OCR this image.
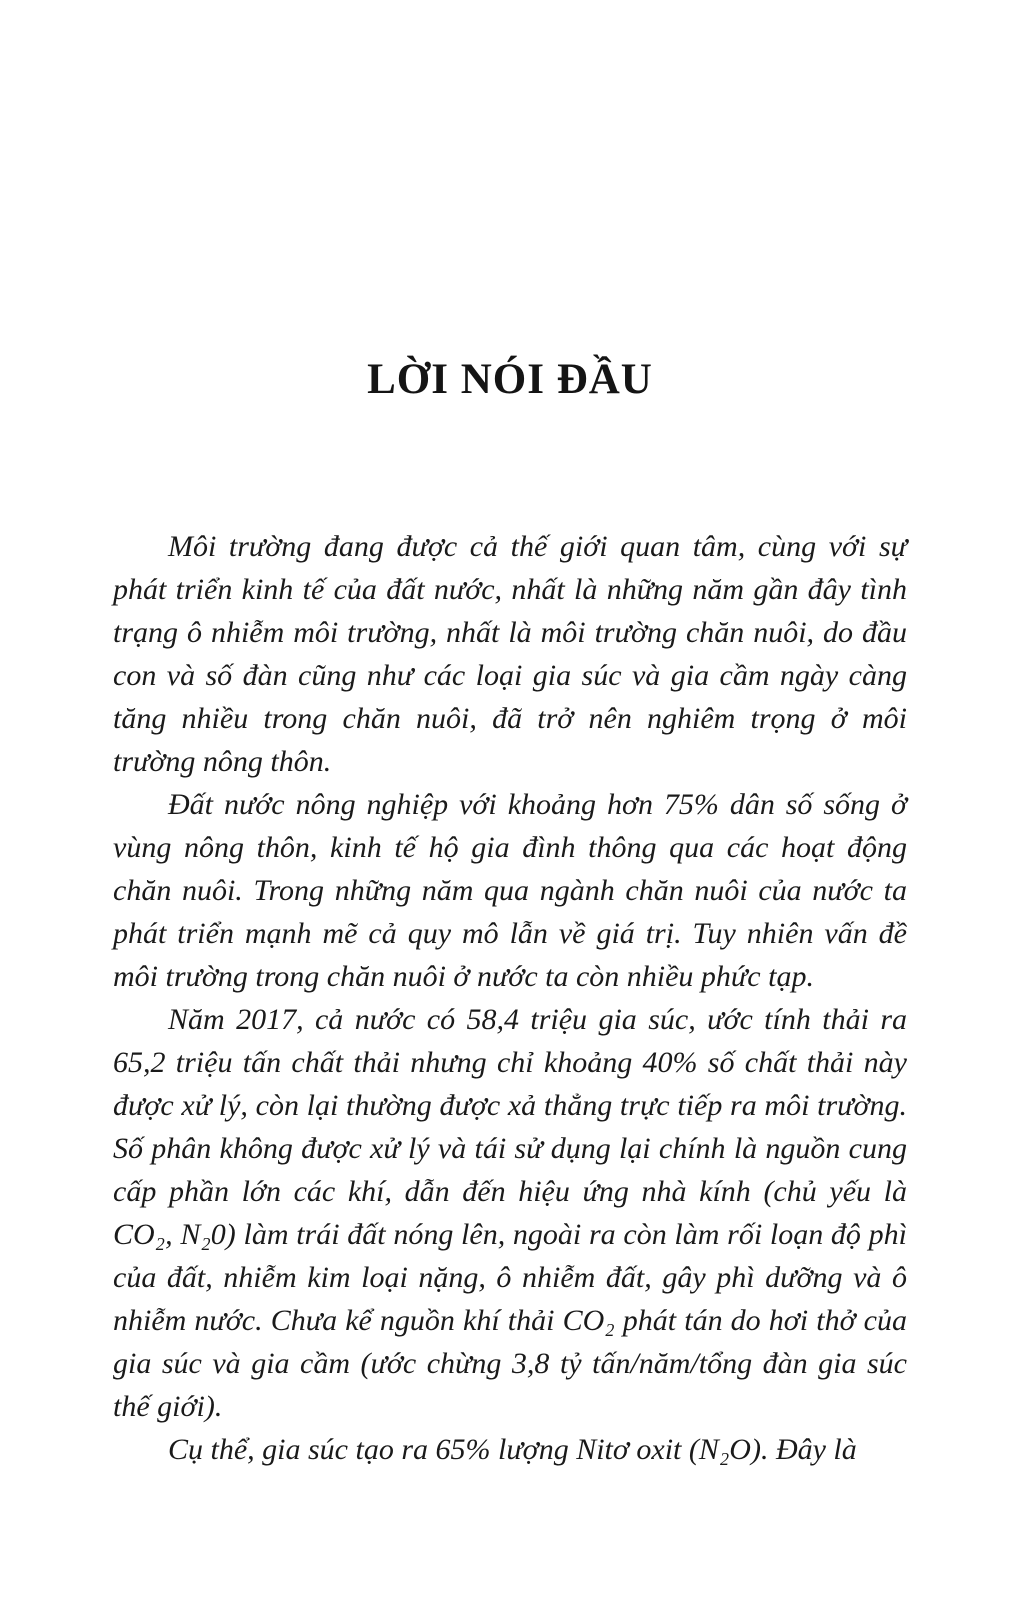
LỜI NÓI ĐẦU

Môi trường đang được cả thế giới quan tâm, cùng với sự phát triển kinh tế của đất nước, nhất là những năm gần đây tình trạng ô nhiễm môi trường, nhất là môi trường chăn nuôi, do đầu con và số đàn cũng như các loại gia súc và gia cầm ngày càng tăng nhiều trong chăn nuôi, đã trở nên nghiêm trọng ở môi trường nông thôn.

Đất nước nông nghiệp với khoảng hơn 75% dân số sống ở vùng nông thôn, kinh tế hộ gia đình thông qua các hoạt động chăn nuôi. Trong những năm qua ngành chăn nuôi của nước ta phát triển mạnh mẽ cả quy mô lẫn về giá trị. Tuy nhiên vấn đề môi trường trong chăn nuôi ở nước ta còn nhiều phức tạp.

Năm 2017, cả nước có 58,4 triệu gia súc, ước tính thải ra 65,2 triệu tấn chất thải nhưng chỉ khoảng 40% số chất thải này được xử lý, còn lại thường được xả thẳng trực tiếp ra môi trường. Số phân không được xử lý và tái sử dụng lại chính là nguồn cung cấp phần lớn các khí, dẫn đến hiệu ứng nhà kính (chủ yếu là CO₂, N₂0) làm trái đất nóng lên, ngoài ra còn làm rối loạn độ phì của đất, nhiễm kim loại nặng, ô nhiễm đất, gây phì dưỡng và ô nhiễm nước. Chưa kể nguồn khí thải CO₂ phát tán do hơi thở của gia súc và gia cầm (ước chừng 3,8 tỷ tấn/năm/tổng đàn gia súc thế giới).

Cụ thể, gia súc tạo ra 65% lượng Nitơ oxit (N₂O). Đây là
